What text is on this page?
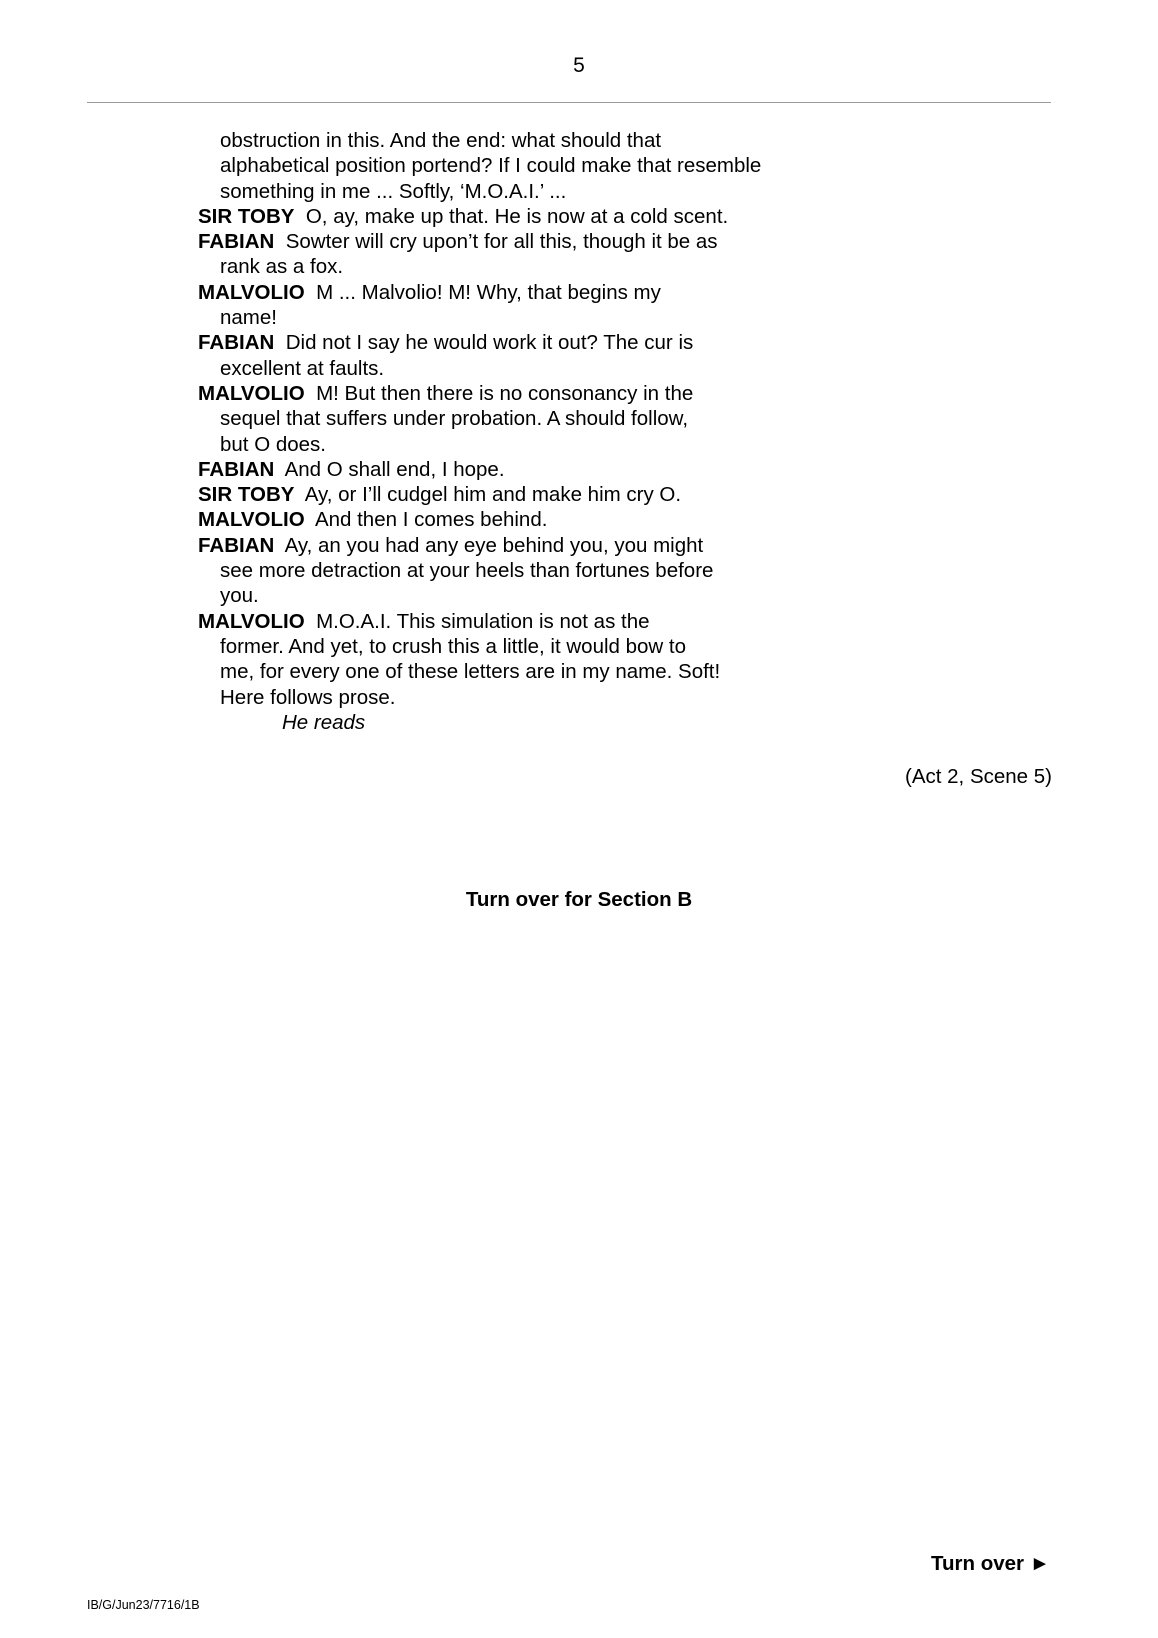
5

obstruction in this. And the end: what should that

alphabetical position portend? If I could make that resemble

something in me ... Softly, ‘M.O.A.I.’ ...

SIR TOBY O, ay, make up that. He is now at a cold scent.

FABIAN Sowter will cry upon’t for all this, though it be as

rank as a fox.

MALVOLIO M ... Malvolio! M! Why, that begins my

name!

FABIAN Did not I say he would work it out? The cur is

excellent at faults.

MALVOLIO M! But then there is no consonancy in the

sequel that suffers under probation. A should follow,

but O does.

FABIAN And O shall end, I hope.

SIR TOBY Ay, or I’ll cudgel him and make him cry O.

MALVOLIO And then I comes behind.

FABIAN Ay, an you had any eye behind you, you might

see more detraction at your heels than fortunes before

you.

MALVOLIO M.O.A.I. This simulation is not as the

former. And yet, to crush this a little, it would bow to

me, for every one of these letters are in my name. Soft!

Here follows prose.

He reads

(Act 2, Scene 5)
Turn over for Section B
Turn over ►
IB/G/Jun23/7716/1B
